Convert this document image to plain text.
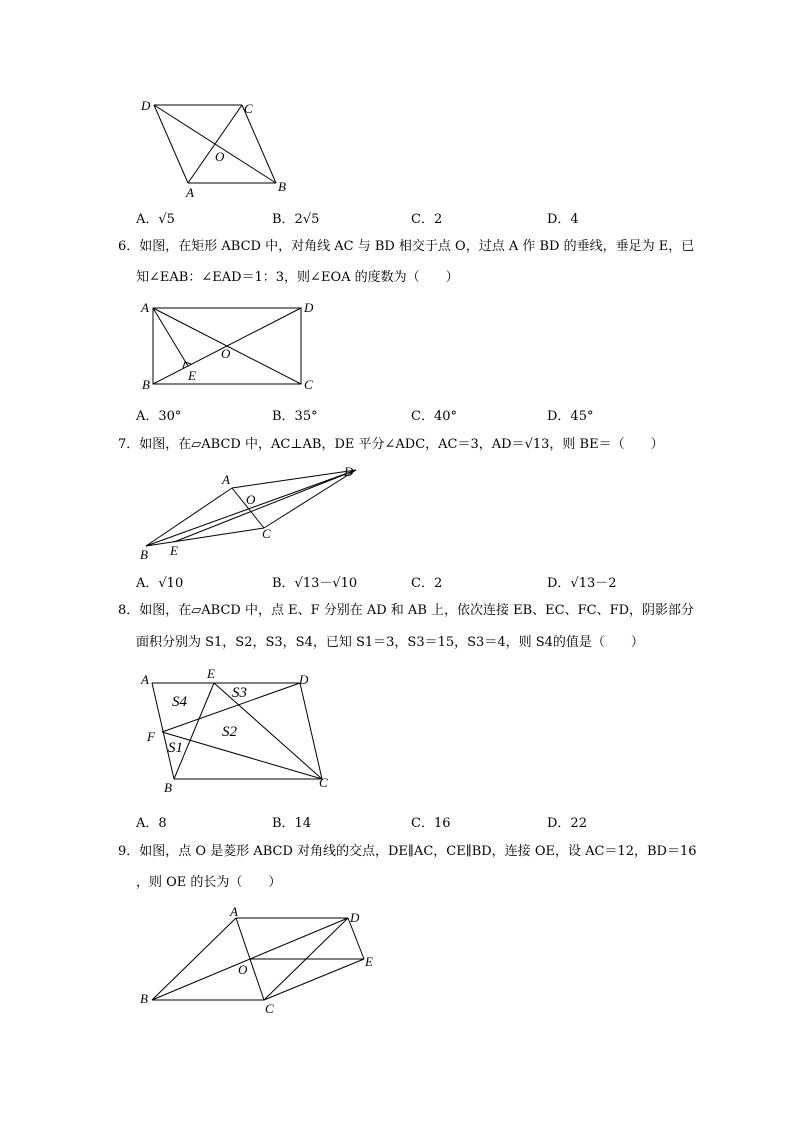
D	C
O
A	B
A．√5	B．2√5	C．2	D．4
6．如图，在矩形 ABCD 中，对角线 AC 与 BD 相交于点 O，过点 A 作 BD 的垂线，垂足为 E，已
知∠EAB：∠EAD＝1：3，则∠EOA 的度数为（　　）
A	D
O
B
E
C
A．30°	B．35°	C．40°	D．45°
7．如图，在▱ABCD 中，AC⊥AB，DE 平分∠ADC，AC＝3，AD＝√13，则 BE＝（　　）
A
D
O
C
B E
A．√10	B．√13－√10	C．2	D．√13－2
8．如图，在▱ABCD 中，点 E、F 分别在 AD 和 AB 上，依次连接 EB、EC、FC、FD，阴影部分
面积分别为 S1，S2，S3，S4，已知 S1＝3，S3＝15，S3＝4，则 S4的值是（　　）
A	E	D
F
B	C
S4
S3
S2
S1
A．8	B．14	C．16	D．22
9．如图，点 O 是菱形 ABCD 对角线的交点，DE∥AC，CE∥BD，连接 OE，设 AC＝12，BD＝16
，则 OE 的长为（　　）
A	D
O
E
B
C
